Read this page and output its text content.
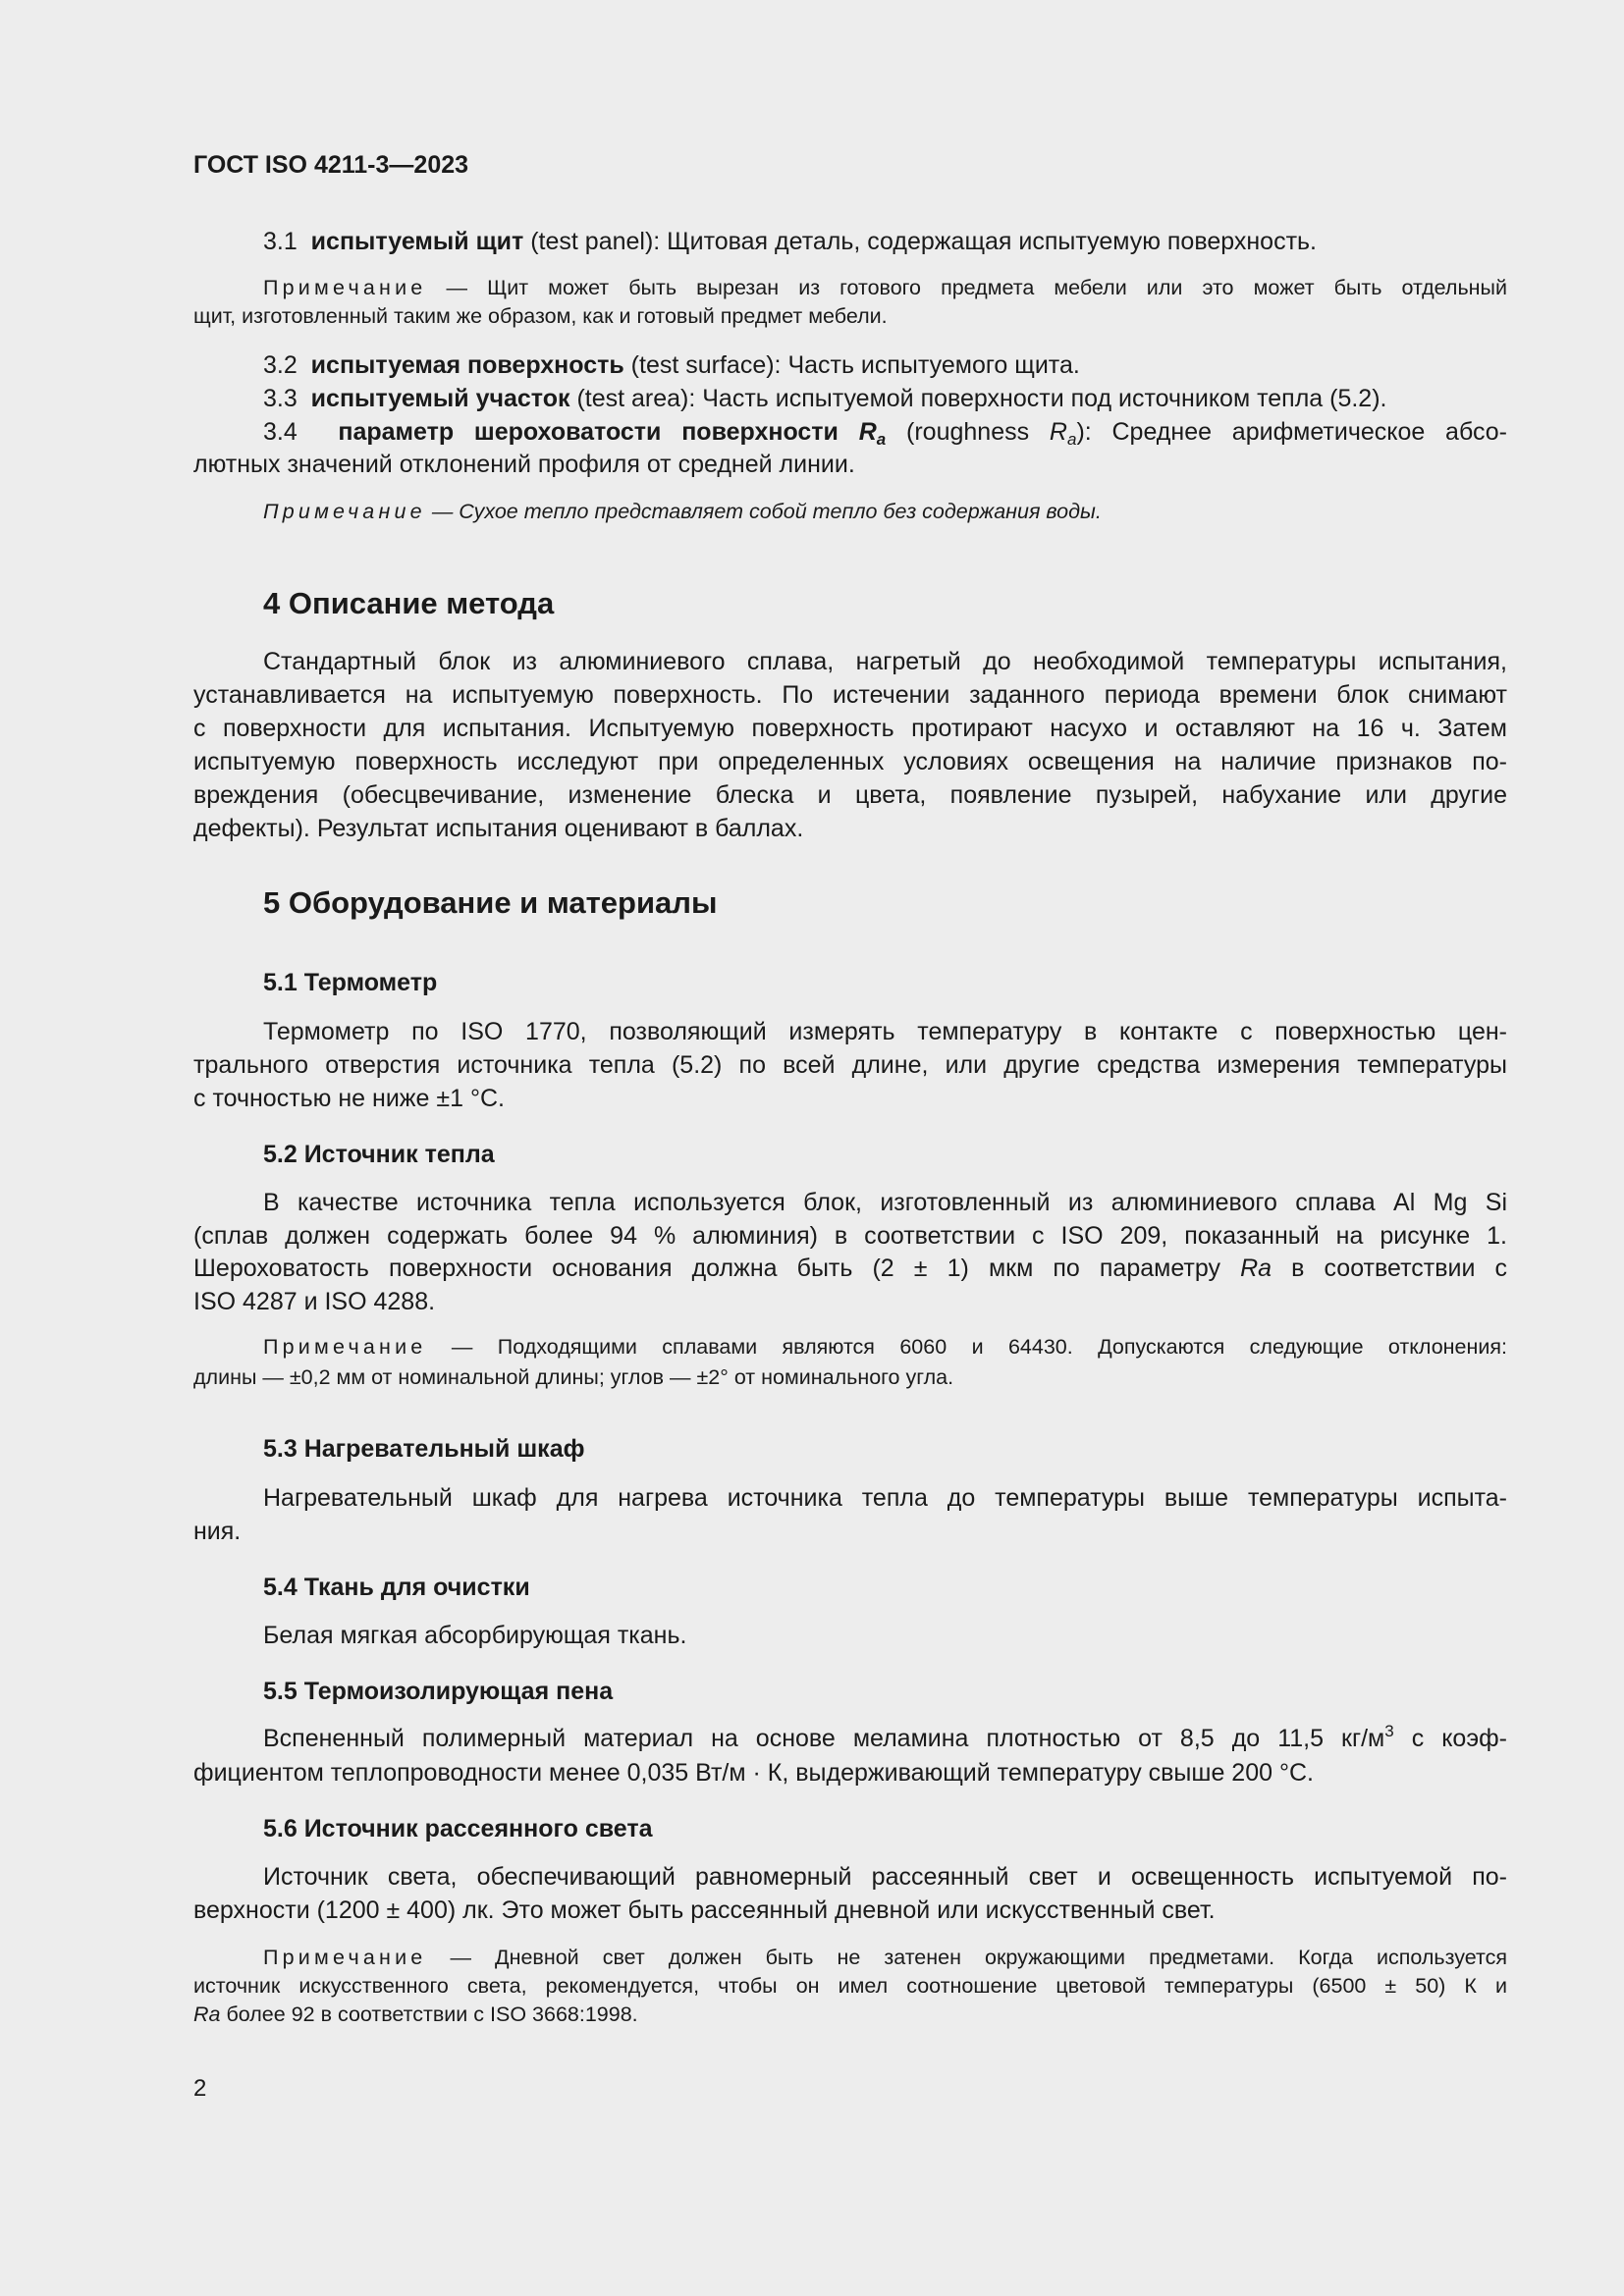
ГОСТ ISO 4211-3—2023
3.1 испытуемый щит (test panel): Щитовая деталь, содержащая испытуемую поверхность.
Примечание — Щит может быть вырезан из готового предмета мебели или это может быть отдельный
щит, изготовленный таким же образом, как и готовый предмет мебели.
3.2 испытуемая поверхность (test surface): Часть испытуемого щита.
3.3 испытуемый участок (test area): Часть испытуемой поверхности под источником тепла (5.2).
3.4 параметр шероховатости поверхности $R_a$ (roughness $R_a$): Среднее арифметическое абсо-
лютных значений отклонений профиля от средней линии.
Примечание — Сухое тепло представляет собой тепло без содержания воды.
4 Описание метода
Стандартный блок из алюминиевого сплава, нагретый до необходимой температуры испытания,
устанавливается на испытуемую поверхность. По истечении заданного периода времени блок снимают
с поверхности для испытания. Испытуемую поверхность протирают насухо и оставляют на 16 ч. Затем
испытуемую поверхность исследуют при определенных условиях освещения на наличие признаков по-
вреждения (обесцвечивание, изменение блеска и цвета, появление пузырей, набухание или другие
дефекты). Результат испытания оценивают в баллах.
5 Оборудование и материалы
5.1 Термометр
Термометр по ISO 1770, позволяющий измерять температуру в контакте с поверхностью цен-
трального отверстия источника тепла (5.2) по всей длине, или другие средства измерения температуры
с точностью не ниже ±1 °С.
5.2 Источник тепла
В качестве источника тепла используется блок, изготовленный из алюминиевого сплава Al Mg Si
(сплав должен содержать более 94 % алюминия) в соответствии с ISO 209, показанный на рисунке 1.
Шероховатость поверхности основания должна быть (2 ± 1) мкм по параметру Ra в соответствии с
ISO 4287 и ISO 4288.
Примечание — Подходящими сплавами являются 6060 и 64430. Допускаются следующие отклонения:
длины — ±0,2 мм от номинальной длины; углов — ±2° от номинального угла.
5.3 Нагревательный шкаф
Нагревательный шкаф для нагрева источника тепла до температуры выше температуры испыта-
ния.
5.4 Ткань для очистки
Белая мягкая абсорбирующая ткань.
5.5 Термоизолирующая пена
Вспененный полимерный материал на основе меламина плотностью от 8,5 до 11,5 $кг/м^3$ с коэф-
фициентом теплопроводности менее 0,035 Вт/м · К, выдерживающий температуру свыше 200 °С.
5.6 Источник рассеянного света
Источник света, обеспечивающий равномерный рассеянный свет и освещенность испытуемой по-
верхности (1200 ± 400) лк. Это может быть рассеянный дневной или искусственный свет.
Примечание — Дневной свет должен быть не затенен окружающими предметами. Когда используется
источник искусственного света, рекомендуется, чтобы он имел соотношение цветовой температуры (6500 ± 50) К и
Ra более 92 в соответствии с ISO 3668:1998.
2
